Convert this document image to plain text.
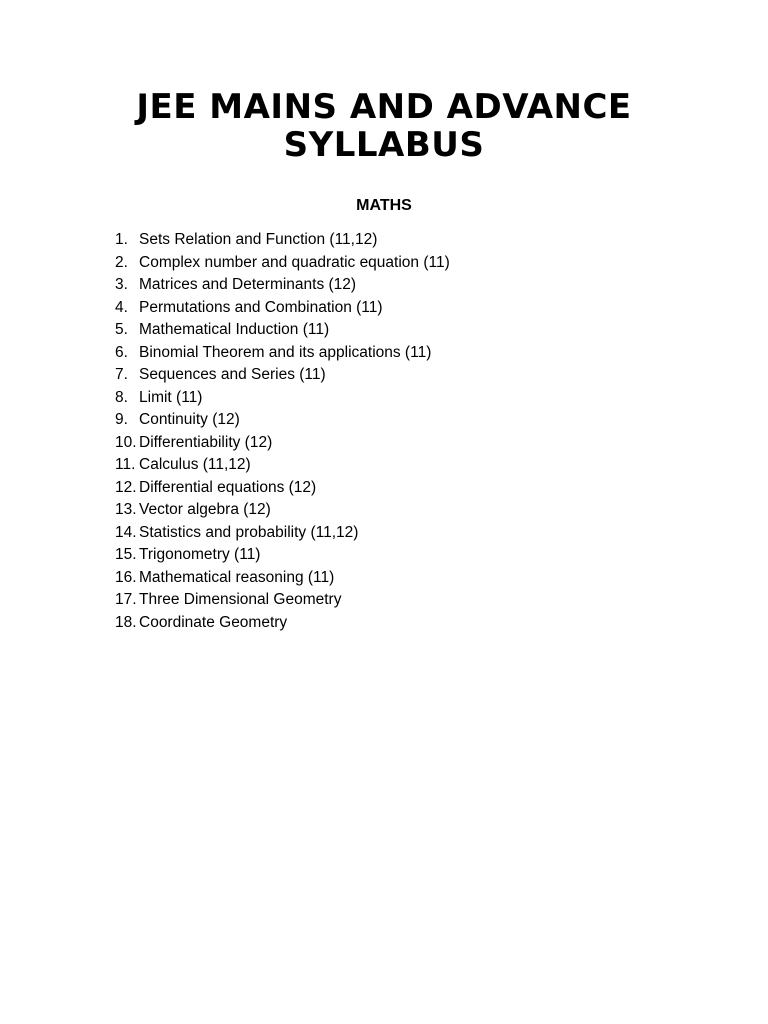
JEE MAINS AND ADVANCE
SYLLABUS
MATHS
1. Sets Relation and Function (11,12)
2. Complex number and quadratic equation (11)
3. Matrices and Determinants (12)
4. Permutations and Combination (11)
5. Mathematical Induction (11)
6. Binomial Theorem and its applications (11)
7. Sequences and Series (11)
8. Limit (11)
9. Continuity (12)
10. Differentiability (12)
11. Calculus (11,12)
12. Differential equations (12)
13. Vector algebra (12)
14. Statistics and probability (11,12)
15. Trigonometry (11)
16. Mathematical reasoning (11)
17. Three Dimensional Geometry
18. Coordinate Geometry
